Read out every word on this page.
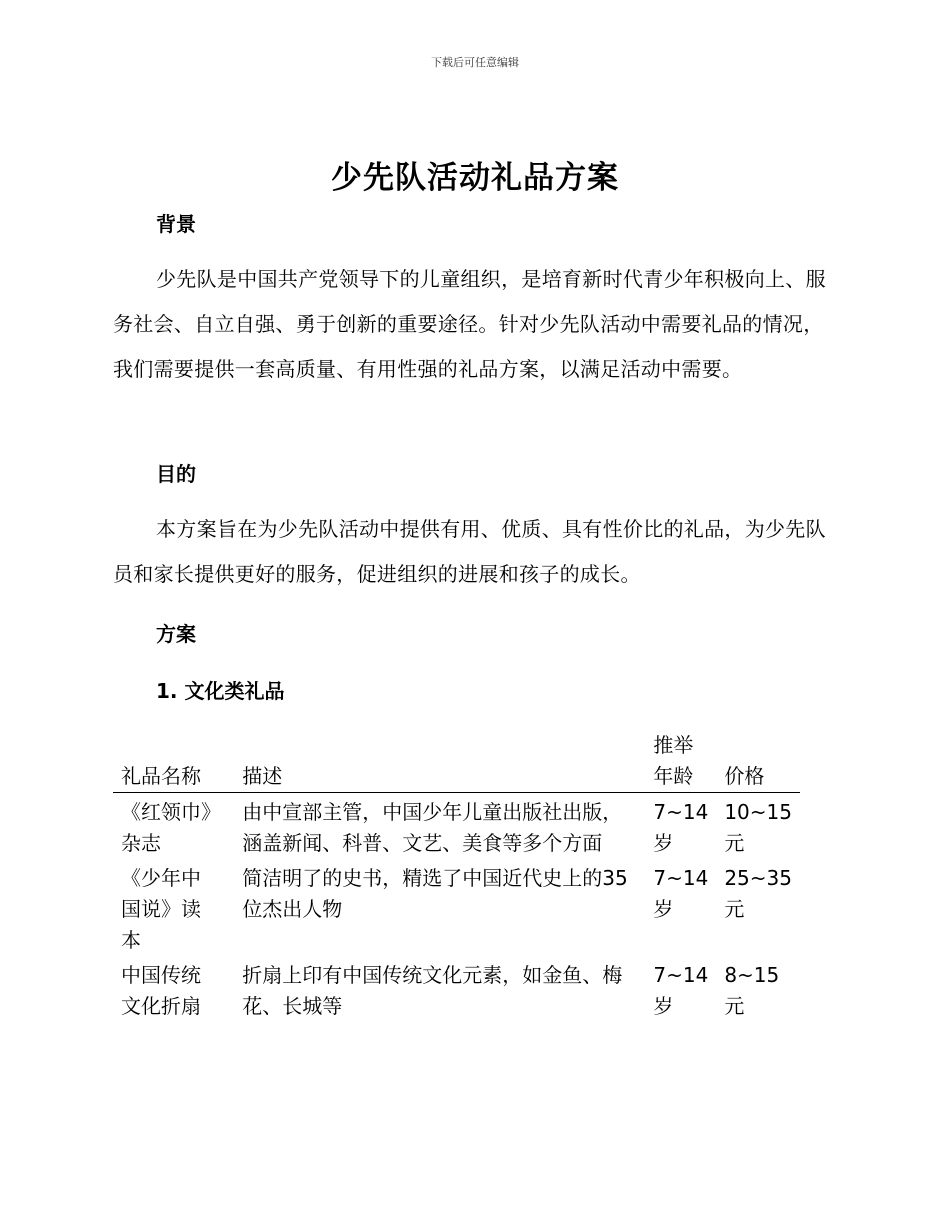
下载后可任意编辑
少先队活动礼品方案
背景
少先队是中国共产党领导下的儿童组织，是培育新时代青少年积极向上、服务社会、自立自强、勇于创新的重要途径。针对少先队活动中需要礼品的情况，我们需要提供一套高质量、有用性强的礼品方案，以满足活动中需要。
目的
本方案旨在为少先队活动中提供有用、优质、具有性价比的礼品，为少先队员和家长提供更好的服务，促进组织的进展和孩子的成长。
方案
1. 文化类礼品
礼品名称	描述	推举年龄	价格
《红领巾》杂志	由中宣部主管，中国少年儿童出版社出版，涵盖新闻、科普、文艺、美食等多个方面	7~14岁	10~15元
《少年中国说》读本	简洁明了的史书，精选了中国近代史上的35位杰出人物	7~14岁	25~35元
中国传统文化折扇	折扇上印有中国传统文化元素，如金鱼、梅花、长城等	7~14岁	8~15元
